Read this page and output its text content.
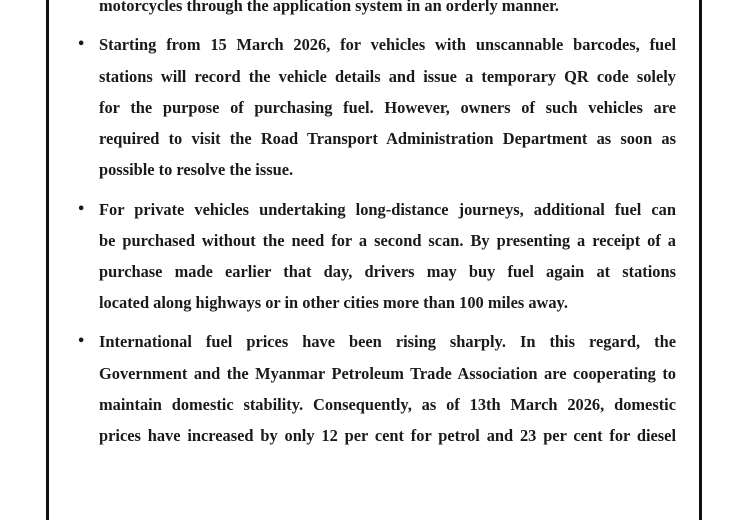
motorcycles through the application system in an orderly manner.
• Starting from 15 March 2026, for vehicles with unscannable barcodes, fuel
stations will record the vehicle details and issue a temporary QR code solely
for the purpose of purchasing fuel. However, owners of such vehicles are
required to visit the Road Transport Administration Department as soon as
possible to resolve the issue.
• For private vehicles undertaking long-distance journeys, additional fuel can
be purchased without the need for a second scan. By presenting a receipt of a
purchase made earlier that day, drivers may buy fuel again at stations
located along highways or in other cities more than 100 miles away.
• International fuel prices have been rising sharply. In this regard, the
Government and the Myanmar Petroleum Trade Association are cooperating to
maintain domestic stability. Consequently, as of 13th March 2026, domestic
prices have increased by only 12 per cent for petrol and 23 per cent for diesel
